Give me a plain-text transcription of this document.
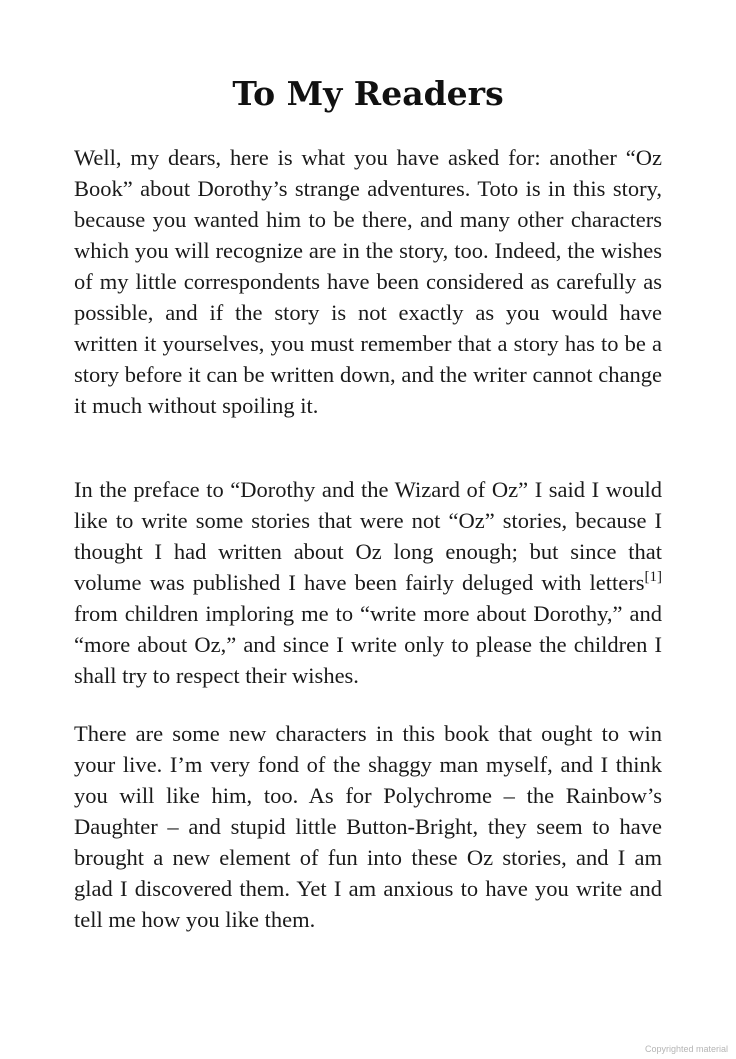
To My Readers

Well, my dears, here is what you have asked for: another “Oz Book” about Dorothy’s strange adventures. Toto is in this story, because you wanted him to be there, and many other characters which you will recognize are in the story, too. Indeed, the wishes of my little correspondents have been considered as carefully as possible, and if the story is not exactly as you would have written it yourselves, you must remember that a story has to be a story before it can be written down, and the writer cannot change it much without spoiling it.

In the preface to “Dorothy and the Wizard of Oz” I said I would like to write some stories that were not “Oz” stories, because I thought I had written about Oz long enough; but since that volume was published I have been fairly deluged with letters[1] from children imploring me to “write more about Dorothy,” and “more about Oz,” and since I write only to please the children I shall try to respect their wishes.

There are some new characters in this book that ought to win your live. I’m very fond of the shaggy man myself, and I think you will like him, too. As for Polychrome – the Rainbow’s Daughter – and stupid little Button-Bright, they seem to have brought a new element of fun into these Oz stories, and I am glad I discovered them. Yet I am anxious to have you write and tell me how you like them.

Copyrighted material
